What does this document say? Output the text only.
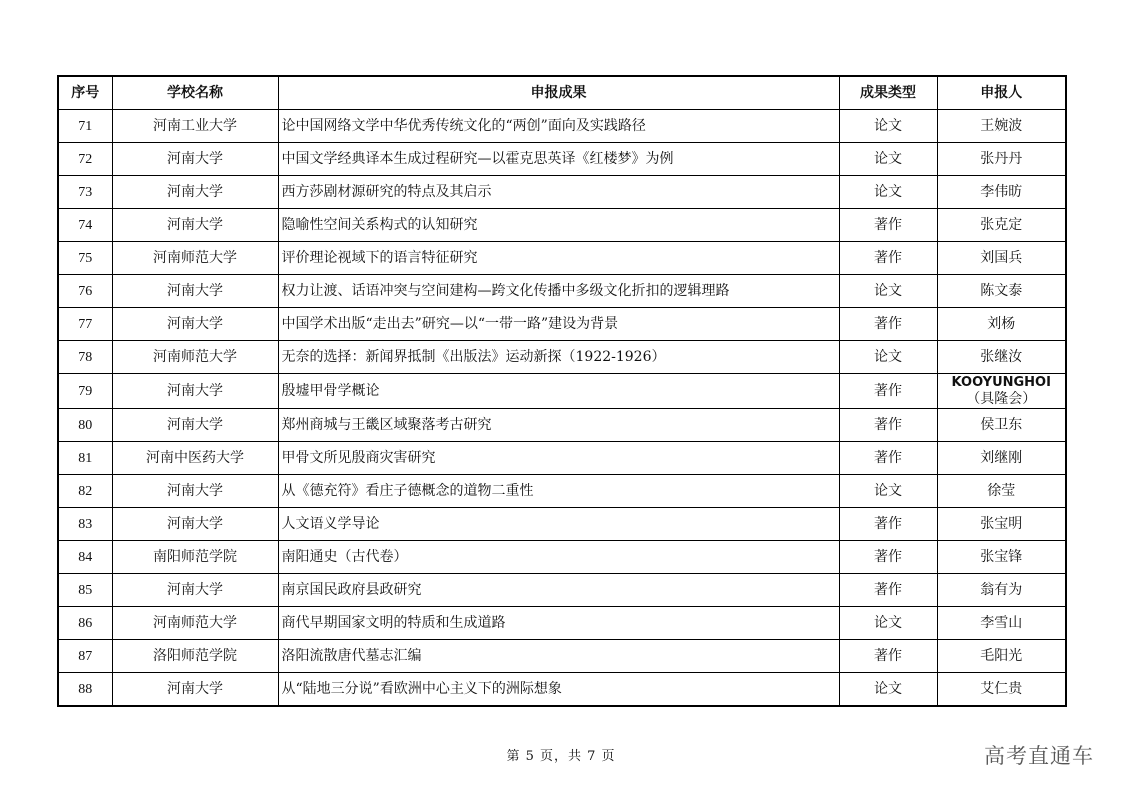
序号	学校名称	申报成果	成果类型	申报人
71	河南工业大学	论中国网络文学中华优秀传统文化的“两创”面向及实践路径	论文	王婉波

72	河南大学	中国文学经典译本生成过程研究—以霍克思英译《红楼梦》为例	论文	张丹丹

73	河南大学	西方莎剧材源研究的特点及其启示	论文	李伟昉

74	河南大学	隐喻性空间关系构式的认知研究	著作	张克定

75	河南师范大学	评价理论视域下的语言特征研究	著作	刘国兵

76	河南大学	权力让渡、话语冲突与空间建构—跨文化传播中多级文化折扣的逻辑理路	论文	陈文泰

77	河南大学	中国学术出版“走出去”研究—以“一带一路”建设为背景	著作	刘杨

78	河南师范大学	无奈的选择：新闻界抵制《出版法》运动新探（1922-1926）	论文	张继汝

79	河南大学	殷墟甲骨学概论	著作	KOOYUNGHOI
（具隆会）

80	河南大学	郑州商城与王畿区域聚落考古研究	著作	侯卫东

81	河南中医药大学	甲骨文所见殷商灾害研究	著作	刘继刚

82	河南大学	从《德充符》看庄子德概念的道物二重性	论文	徐莹

83	河南大学	人文语义学导论	著作	张宝明

84	南阳师范学院	南阳通史（古代卷）	著作	张宝锋

85	河南大学	南京国民政府县政研究	著作	翁有为

86	河南师范大学	商代早期国家文明的特质和生成道路	论文	李雪山

87	洛阳师范学院	洛阳流散唐代墓志汇编	著作	毛阳光

88	河南大学	从“陆地三分说”看欧洲中心主义下的洲际想象	论文	艾仁贵
第 5 页，共 7 页	高考直通车
